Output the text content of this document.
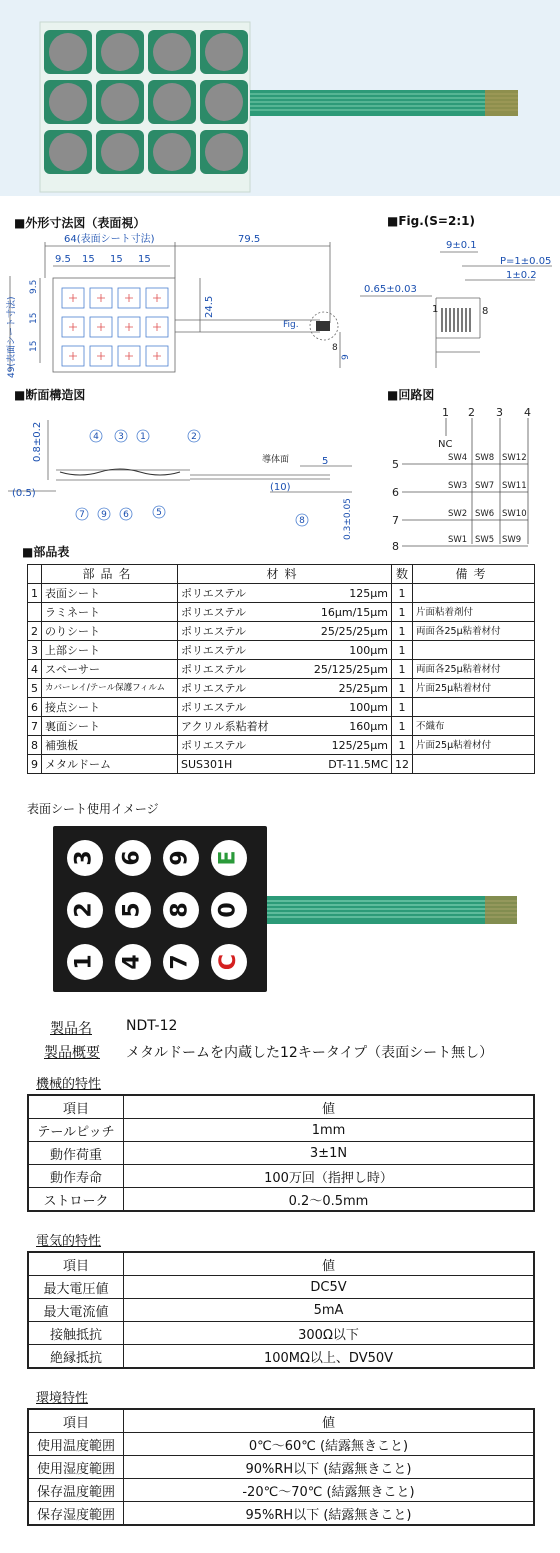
■外形寸法図（表面視）	■Fig.(S=2:1)
■断面構造図	■回路図
■部品表
64(表面シート寸法)	79.5
9.5 15 15 15
24.5
Fig.
8
9
49(表面シート寸法)
9.5
15
15
9±0.1
P=1±0.05
1±0.2
0.65±0.03
1	8
4 3 1	2
7 9 6	5
8
0.8±0.2
(0.5)
導体面	5
(10)
0.3±0.05
1 2 3 4
NC
5
6
7
8
SW4 SW8 SW12
SW3 SW7 SW11
SW2 SW6 SW10
SW1 SW5 SW9
	部品名	材料	数	備考
1	表面シート	ポリエステル 125μm	1	
	ラミネート	ポリエステル 16μm/15μm	1	片面粘着剤付
2	のりシート	ポリエステル 25/25/25μm	1	両面各25μ粘着材付
3	上部シート	ポリエステル 100μm	1	
4	スペーサー	ポリエステル 25/125/25μm	1	両面各25μ粘着材付
5	カバーレイ/テール保護フィルム	ポリエステル 25/25μm	1	片面25μ粘着材付
6	接点シート	ポリエステル 100μm	1	
7	裏面シート	アクリル系粘着材 160μm	1	不織布
8	補強板	ポリエステル 125/25μm	1	片面25μ粘着材付
9	メタルドーム	SUS301H DT-11.5MC	12	
表面シート使用イメージ
3 6 9 E
2 5 8 0
1 4 7 C
製品名 NDT-12
製品概要 メタルドームを内蔵した12キータイプ（表面シート無し）
機械的特性
項目	値
テールピッチ	1mm
動作荷重	3±1N
動作寿命	100万回（指押し時）
ストローク	0.2～0.5mm
電気的特性
項目	値
最大電圧値	DC5V
最大電流値	5mA
接触抵抗	300Ω以下
絶縁抵抗	100MΩ以上、DV50V
環境特性
項目	値
使用温度範囲	0℃～60℃ (結露無きこと)
使用湿度範囲	90%RH以下 (結露無きこと)
保存温度範囲	-20℃～70℃ (結露無きこと)
保存湿度範囲	95%RH以下 (結露無きこと)
